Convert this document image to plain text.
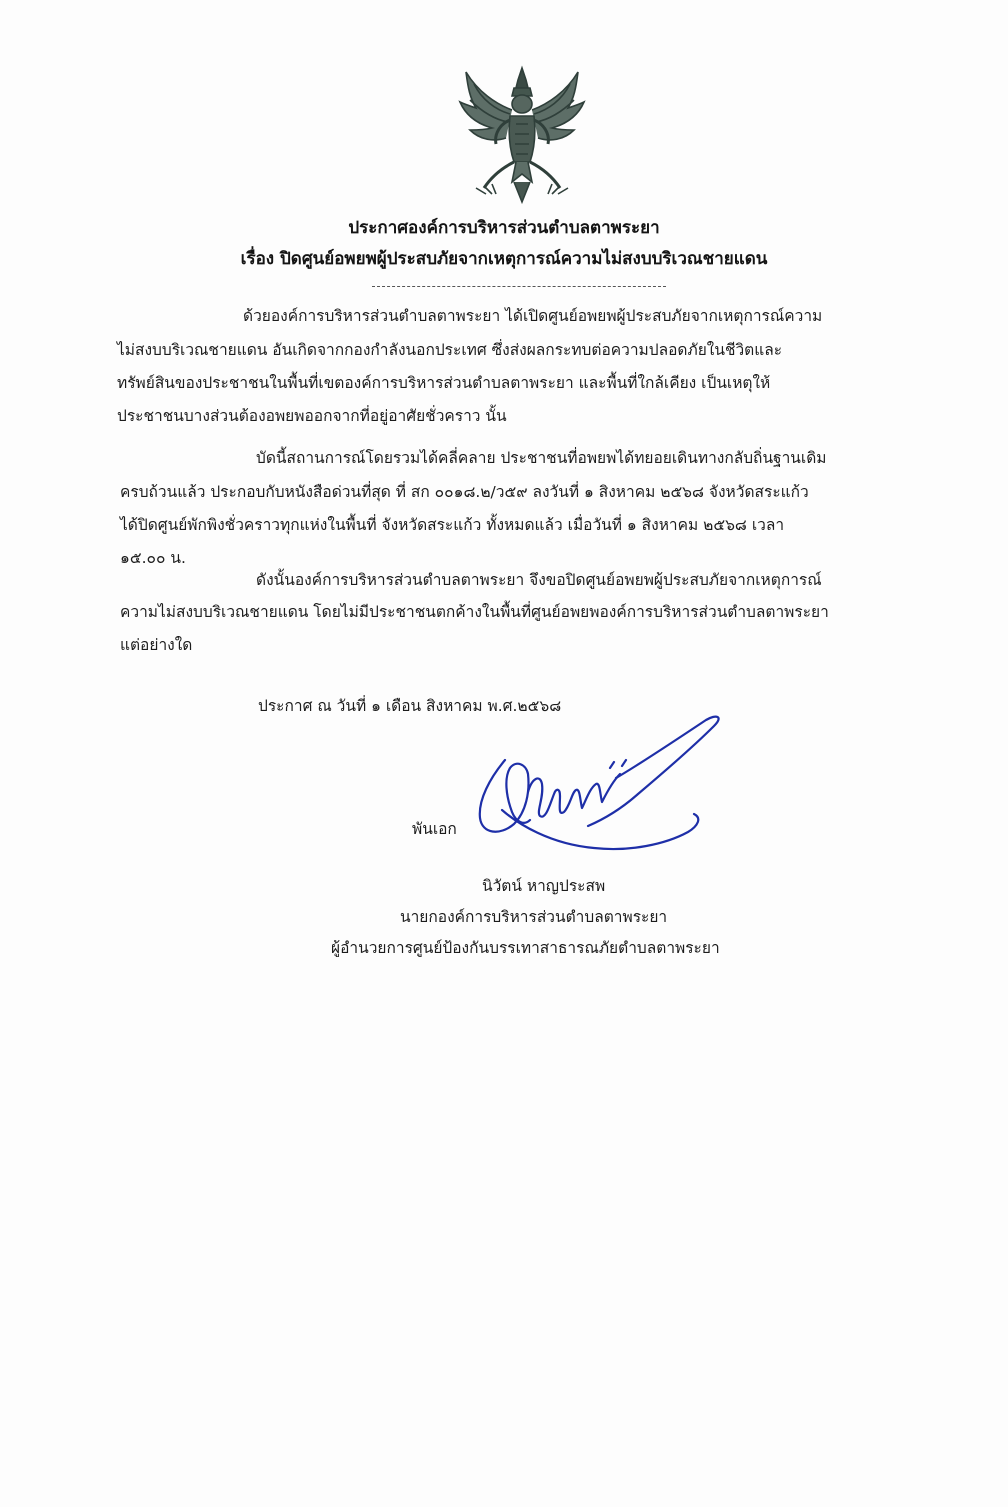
ประกาศองค์การบริหารส่วนตำบลตาพระยา
เรื่อง ปิดศูนย์อพยพผู้ประสบภัยจากเหตุการณ์ความไม่สงบบริเวณชายแดน
ด้วยองค์การบริหารส่วนตำบลตาพระยา ได้เปิดศูนย์อพยพผู้ประสบภัยจากเหตุการณ์ความ
ไม่สงบบริเวณชายแดน อันเกิดจากกองกำลังนอกประเทศ ซึ่งส่งผลกระทบต่อความปลอดภัยในชีวิตและ
ทรัพย์สินของประชาชนในพื้นที่เขตองค์การบริหารส่วนตำบลตาพระยา และพื้นที่ใกล้เคียง เป็นเหตุให้
ประชาชนบางส่วนต้องอพยพออกจากที่อยู่อาศัยชั่วคราว นั้น
บัดนี้สถานการณ์โดยรวมได้คลี่คลาย ประชาชนที่อพยพได้ทยอยเดินทางกลับถิ่นฐานเดิม
ครบถ้วนแล้ว ประกอบกับหนังสือด่วนที่สุด ที่ สก ๐๐๑๘.๒/ว๕๙ ลงวันที่ ๑ สิงหาคม ๒๕๖๘ จังหวัดสระแก้ว
ได้ปิดศูนย์พักพิงชั่วคราวทุกแห่งในพื้นที่ จังหวัดสระแก้ว ทั้งหมดแล้ว เมื่อวันที่ ๑ สิงหาคม ๒๕๖๘ เวลา
๑๕.๐๐ น.
ดังนั้นองค์การบริหารส่วนตำบลตาพระยา จึงขอปิดศูนย์อพยพผู้ประสบภัยจากเหตุการณ์
ความไม่สงบบริเวณชายแดน โดยไม่มีประชาชนตกค้างในพื้นที่ศูนย์อพยพองค์การบริหารส่วนตำบลตาพระยา
แต่อย่างใด
ประกาศ ณ วันที่ ๑ เดือน สิงหาคม พ.ศ.๒๕๖๘
พันเอก
นิวัตน์ หาญประสพ
นายกองค์การบริหารส่วนตำบลตาพระยา
ผู้อำนวยการศูนย์ป้องกันบรรเทาสาธารณภัยตำบลตาพระยา
